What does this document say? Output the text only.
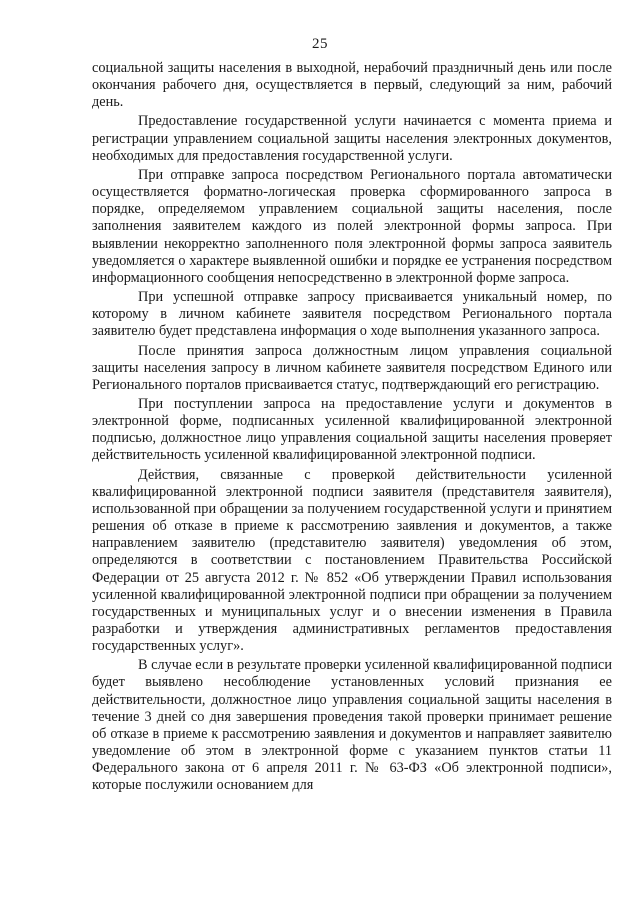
25

социальной защиты населения в выходной, нерабочий праздничный день или после окончания рабочего дня, осуществляется в первый, следующий за ним, рабочий день.

Предоставление государственной услуги начинается с момента приема и регистрации управлением социальной защиты населения электронных документов, необходимых для предоставления государственной услуги.

При отправке запроса посредством Регионального портала автоматически осуществляется форматно-логическая проверка сформированного запроса в порядке, определяемом управлением социальной защиты населения, после заполнения заявителем каждого из полей электронной формы запроса. При выявлении некорректно заполненного поля электронной формы запроса заявитель уведомляется о характере выявленной ошибки и порядке ее устранения посредством информационного сообщения непосредственно в электронной форме запроса.

При успешной отправке запросу присваивается уникальный номер, по которому в личном кабинете заявителя посредством Регионального портала заявителю будет представлена информация о ходе выполнения указанного запроса.

После принятия запроса должностным лицом управления социальной защиты населения запросу в личном кабинете заявителя посредством Единого или Регионального порталов присваивается статус, подтверждающий его регистрацию.

При поступлении запроса на предоставление услуги и документов в электронной форме, подписанных усиленной квалифицированной электронной подписью, должностное лицо управления социальной защиты населения проверяет действительность усиленной квалифицированной электронной подписи.

Действия, связанные с проверкой действительности усиленной квалифицированной электронной подписи заявителя (представителя заявителя), использованной при обращении за получением государственной услуги и принятием решения об отказе в приеме к рассмотрению заявления и документов, а также направлением заявителю (представителю заявителя) уведомления об этом, определяются в соответствии с постановлением Правительства Российской Федерации от 25 августа 2012 г. № 852 «Об утверждении Правил использования усиленной квалифицированной электронной подписи при обращении за получением государственных и муниципальных услуг и о внесении изменения в Правила разработки и утверждения административных регламентов предоставления государственных услуг».

В случае если в результате проверки усиленной квалифицированной подписи будет выявлено несоблюдение установленных условий признания ее действительности, должностное лицо управления социальной защиты населения в течение 3 дней со дня завершения проведения такой проверки принимает решение об отказе в приеме к рассмотрению заявления и документов и направляет заявителю уведомление об этом в электронной форме с указанием пунктов статьи 11 Федерального закона от 6 апреля 2011 г. № 63-ФЗ «Об электронной подписи», которые послужили основанием для
